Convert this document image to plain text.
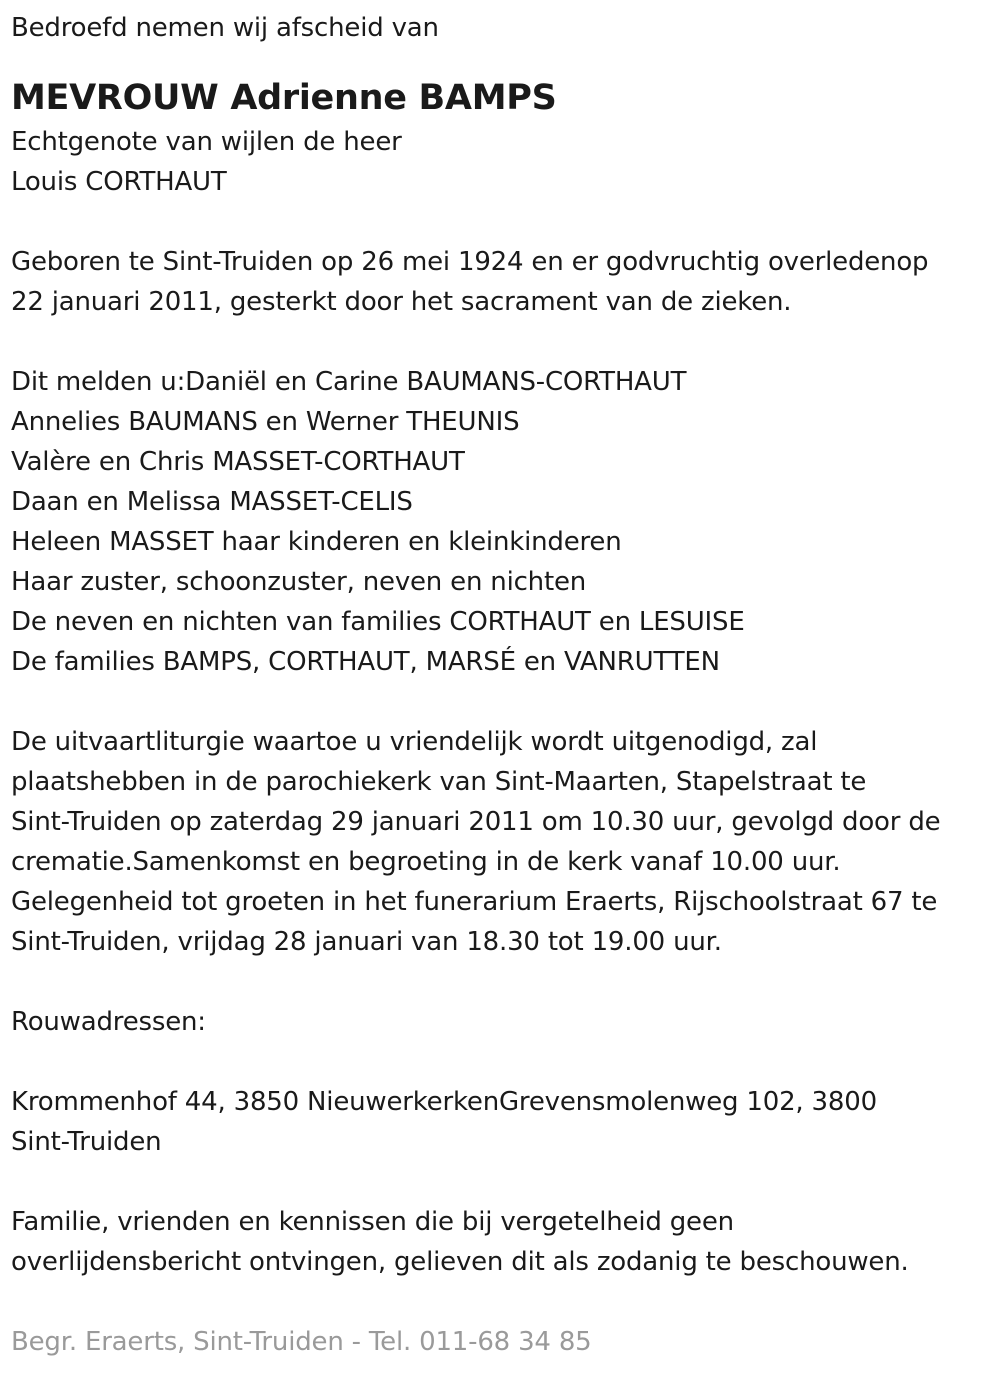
Bedroefd nemen wij afscheid van
MEVROUW Adrienne BAMPS
Echtgenote van wijlen de heer
Louis CORTHAUT
Geboren te Sint-Truiden op 26 mei 1924 en er godvruchtig overledenop
22 januari 2011, gesterkt door het sacrament van de zieken.
Dit melden u:Daniël en Carine BAUMANS-CORTHAUT
Annelies BAUMANS en Werner THEUNIS
Valère en Chris MASSET-CORTHAUT
Daan en Melissa MASSET-CELIS
Heleen MASSET haar kinderen en kleinkinderen
Haar zuster, schoonzuster, neven en nichten
De neven en nichten van families CORTHAUT en LESUISE
De families BAMPS, CORTHAUT, MARSÉ en VANRUTTEN
De uitvaartliturgie waartoe u vriendelijk wordt uitgenodigd, zal
plaatshebben in de parochiekerk van Sint-Maarten, Stapelstraat te
Sint-Truiden op zaterdag 29 januari 2011 om 10.30 uur, gevolgd door de
crematie.Samenkomst en begroeting in de kerk vanaf 10.00 uur.
Gelegenheid tot groeten in het funerarium Eraerts, Rijschoolstraat 67 te
Sint-Truiden, vrijdag 28 januari van 18.30 tot 19.00 uur.
Rouwadressen:
Krommenhof 44, 3850 NieuwerkerkenGrevensmolenweg 102, 3800
Sint-Truiden
Familie, vrienden en kennissen die bij vergetelheid geen
overlijdensbericht ontvingen, gelieven dit als zodanig te beschouwen.
Begr. Eraerts, Sint-Truiden - Tel. 011-68 34 85
